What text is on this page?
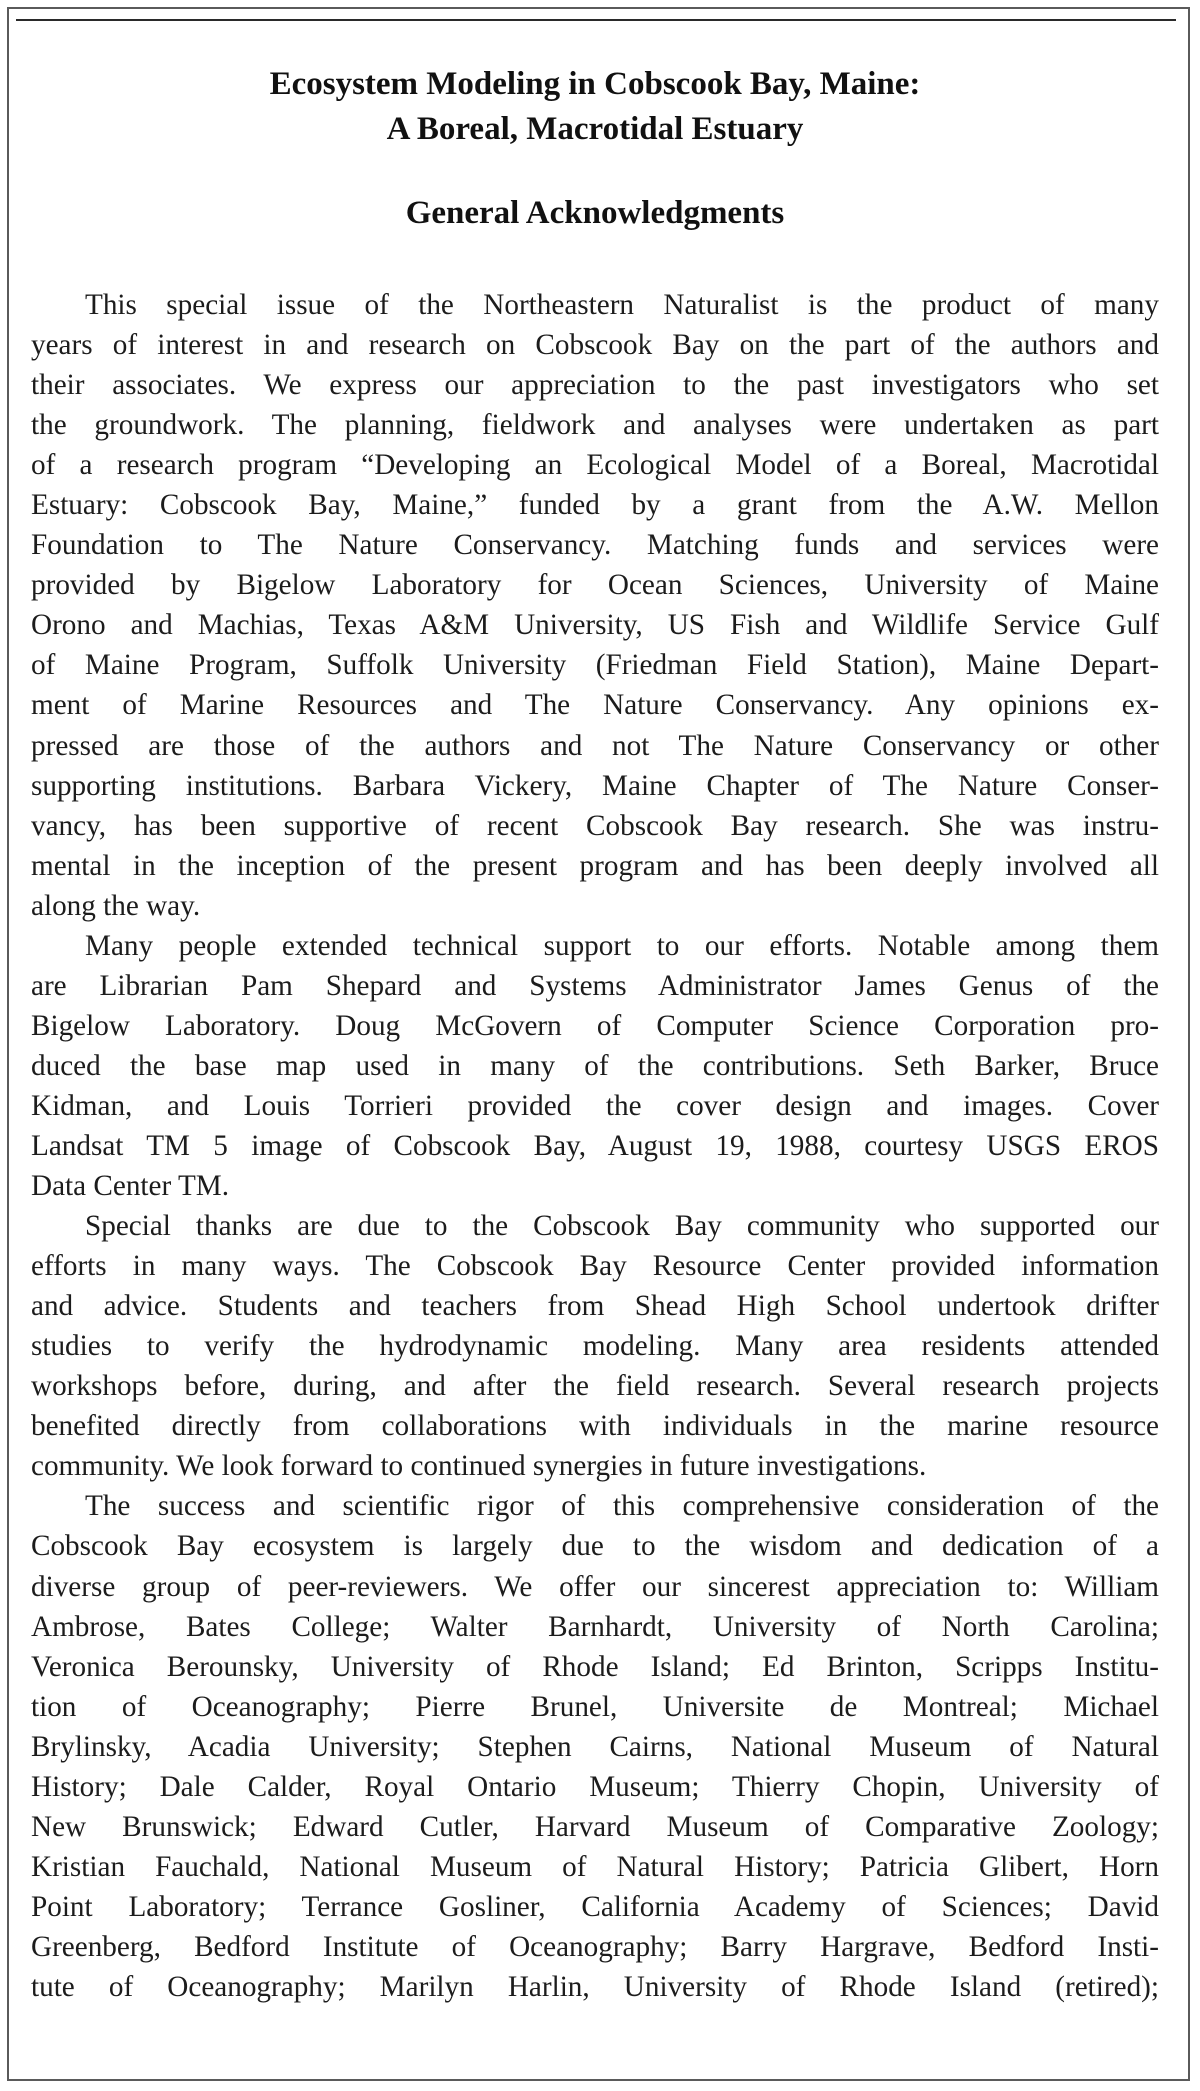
Ecosystem Modeling in Cobscook Bay, Maine:
A Boreal, Macrotidal Estuary
General Acknowledgments
This special issue of the Northeastern Naturalist is the product of many
years of interest in and research on Cobscook Bay on the part of the authors and
their associates. We express our appreciation to the past investigators who set
the groundwork. The planning, fieldwork and analyses were undertaken as part
of a research program “Developing an Ecological Model of a Boreal, Macrotidal
Estuary: Cobscook Bay, Maine,” funded by a grant from the A.W. Mellon
Foundation to The Nature Conservancy. Matching funds and services were
provided by Bigelow Laboratory for Ocean Sciences, University of Maine
Orono and Machias, Texas A&M University, US Fish and Wildlife Service Gulf
of Maine Program, Suffolk University (Friedman Field Station), Maine Depart-
ment of Marine Resources and The Nature Conservancy. Any opinions ex-
pressed are those of the authors and not The Nature Conservancy or other
supporting institutions. Barbara Vickery, Maine Chapter of The Nature Conser-
vancy, has been supportive of recent Cobscook Bay research. She was instru-
mental in the inception of the present program and has been deeply involved all
along the way.
Many people extended technical support to our efforts. Notable among them
are Librarian Pam Shepard and Systems Administrator James Genus of the
Bigelow Laboratory. Doug McGovern of Computer Science Corporation pro-
duced the base map used in many of the contributions. Seth Barker, Bruce
Kidman, and Louis Torrieri provided the cover design and images. Cover
Landsat TM 5 image of Cobscook Bay, August 19, 1988, courtesy USGS EROS
Data Center TM.
Special thanks are due to the Cobscook Bay community who supported our
efforts in many ways. The Cobscook Bay Resource Center provided information
and advice. Students and teachers from Shead High School undertook drifter
studies to verify the hydrodynamic modeling. Many area residents attended
workshops before, during, and after the field research. Several research projects
benefited directly from collaborations with individuals in the marine resource
community. We look forward to continued synergies in future investigations.
The success and scientific rigor of this comprehensive consideration of the
Cobscook Bay ecosystem is largely due to the wisdom and dedication of a
diverse group of peer-reviewers. We offer our sincerest appreciation to: William
Ambrose, Bates College; Walter Barnhardt, University of North Carolina;
Veronica Berounsky, University of Rhode Island; Ed Brinton, Scripps Institu-
tion of Oceanography; Pierre Brunel, Universite de Montreal; Michael
Brylinsky, Acadia University; Stephen Cairns, National Museum of Natural
History; Dale Calder, Royal Ontario Museum; Thierry Chopin, University of
New Brunswick; Edward Cutler, Harvard Museum of Comparative Zoology;
Kristian Fauchald, National Museum of Natural History; Patricia Glibert, Horn
Point Laboratory; Terrance Gosliner, California Academy of Sciences; David
Greenberg, Bedford Institute of Oceanography; Barry Hargrave, Bedford Insti-
tute of Oceanography; Marilyn Harlin, University of Rhode Island (retired);
